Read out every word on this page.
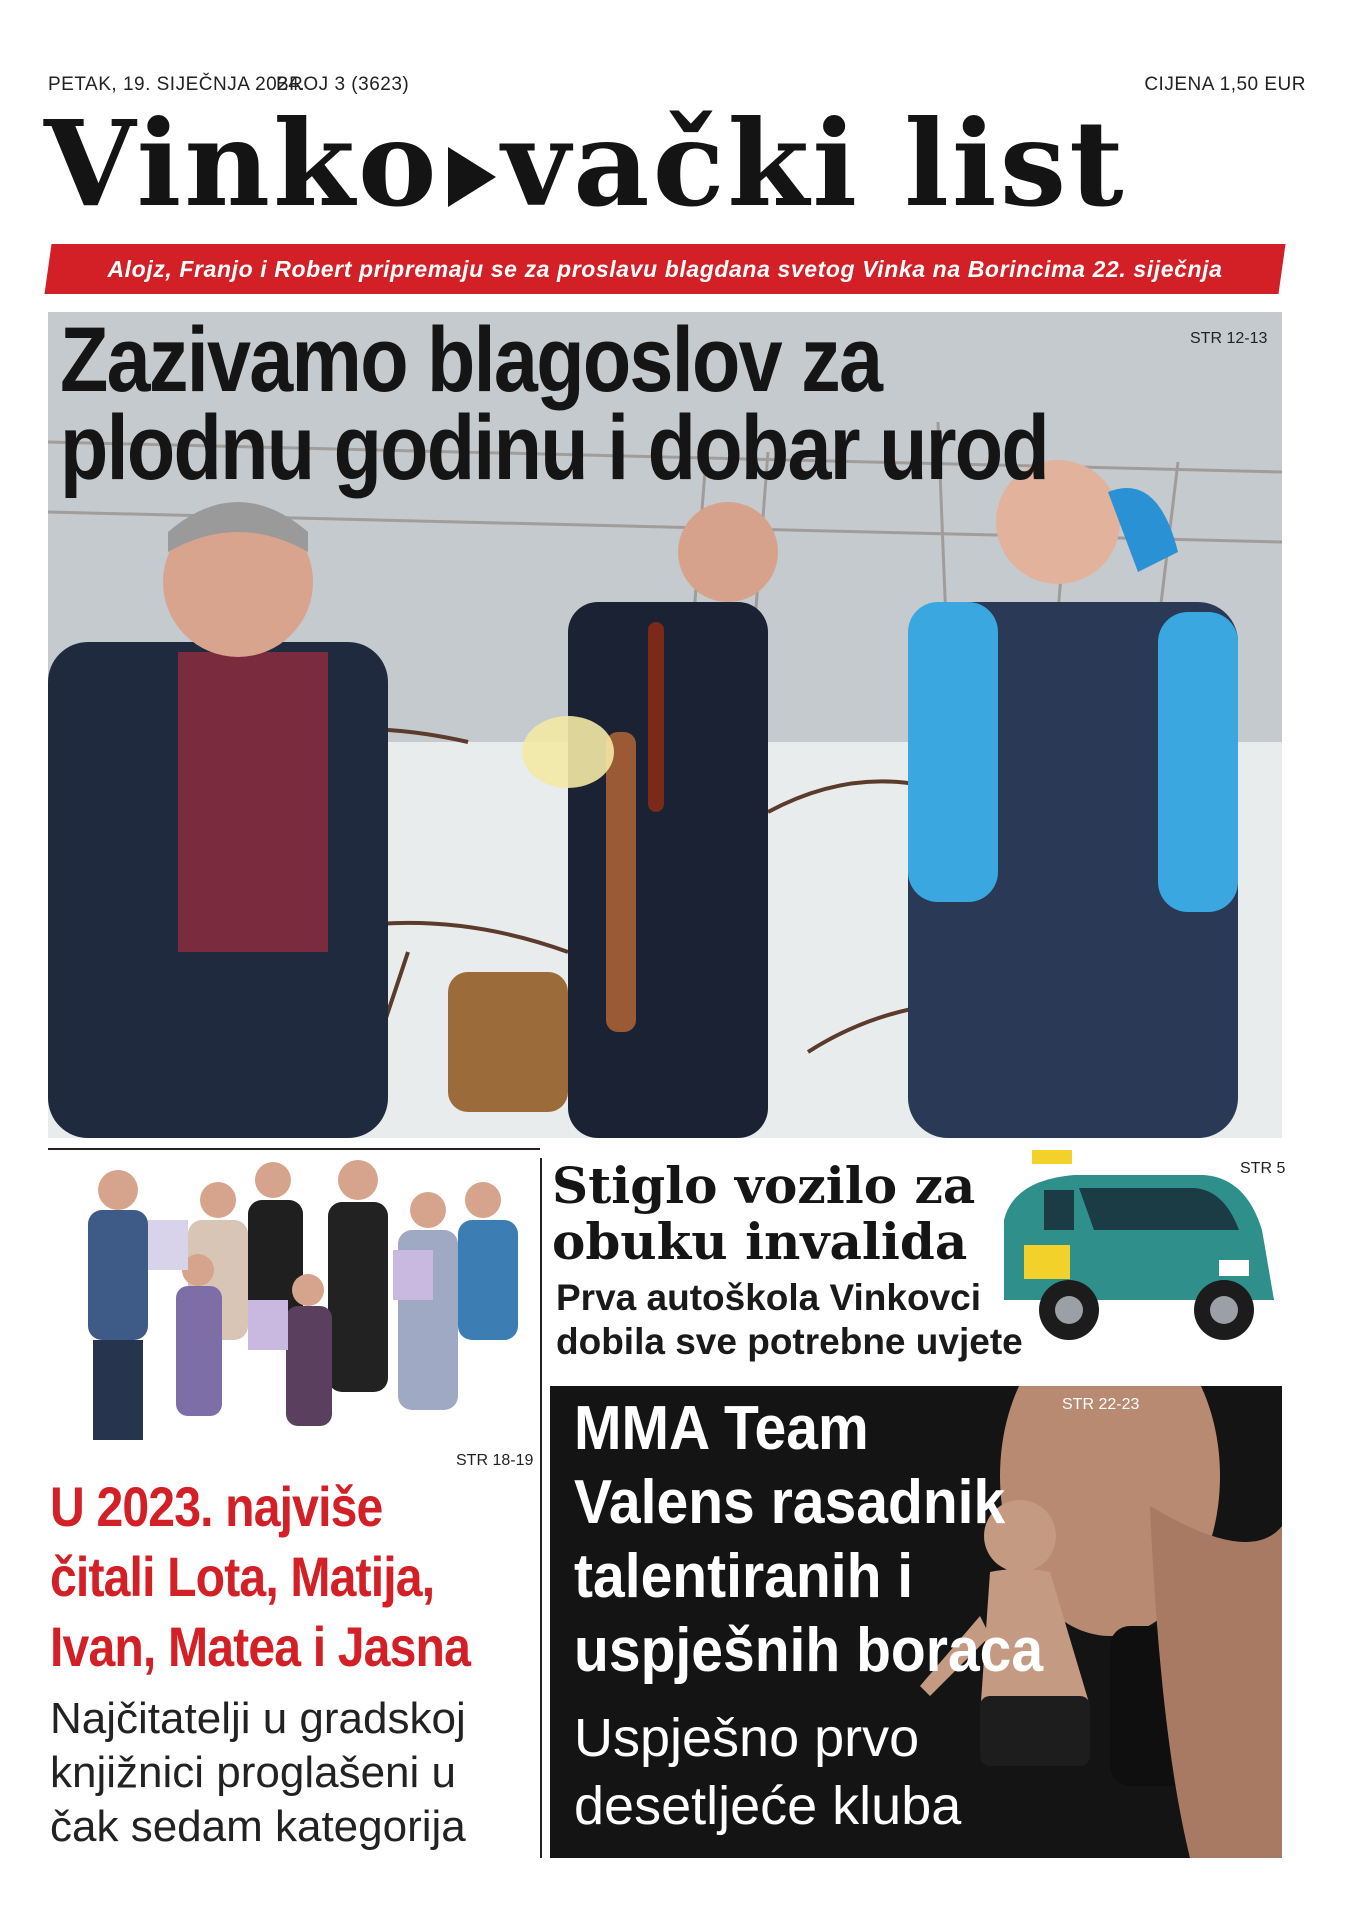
PETAK, 19. SIJEČNJA 2024.
BROJ 3 (3623)	CIJENA 1,50 EUR
Vinko vački list
Alojz, Franjo i Robert pripremaju se za proslavu blagdana svetog Vinka na Borincima 22. siječnja
Zazivamo blagoslov za
plodnu godinu i dobar urod
STR 12-13
STR 18-19
U 2023. najviše
čitali Lota, Matija,
Ivan, Matea i Jasna
Najčitatelji u gradskoj
knjižnici proglašeni u
čak sedam kategorija
STR 5
Stiglo vozilo za
obuku invalida
Prva autoškola Vinkovci
dobila sve potrebne uvjete
STR 22-23
MMA Team
Valens rasadnik
talentiranih i
uspješnih boraca
Uspješno prvo
desetljeće kluba
